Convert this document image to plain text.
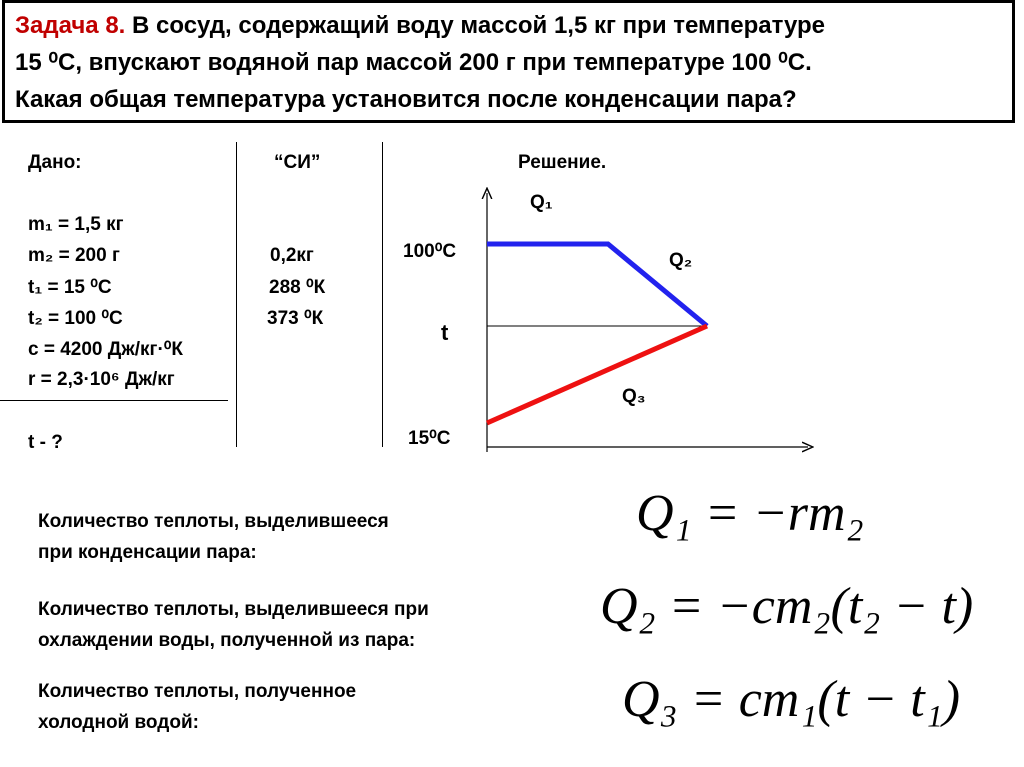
Задача 8. В сосуд, содержащий воду массой 1,5 кг при температуре
15 ⁰С, впускают водяной пар массой 200 г при температуре 100 ⁰С.
Какая общая температура установится после конденсации пара?
Дано:
m₁ = 1,5 кг
m₂ = 200 г
t₁ = 15 ⁰С
t₂ = 100 ⁰С
с = 4200 Дж/кг·⁰К
r = 2,3·10⁶ Дж/кг
t - ?
“СИ”
0,2кг
288 ⁰К
373 ⁰К
Решение.
100⁰С
t
15⁰С
Q₁
Q₂
Q₃
Количество теплоты, выделившееся
при конденсации пара:
Q₁ = −rm₂
Количество теплоты, выделившееся при
охлаждении воды, полученной из пара:
Q₂ = −cm₂(t₂ − t)
Количество теплоты, полученное
холодной водой:	Q₃ = cm₁(t − t₁)
